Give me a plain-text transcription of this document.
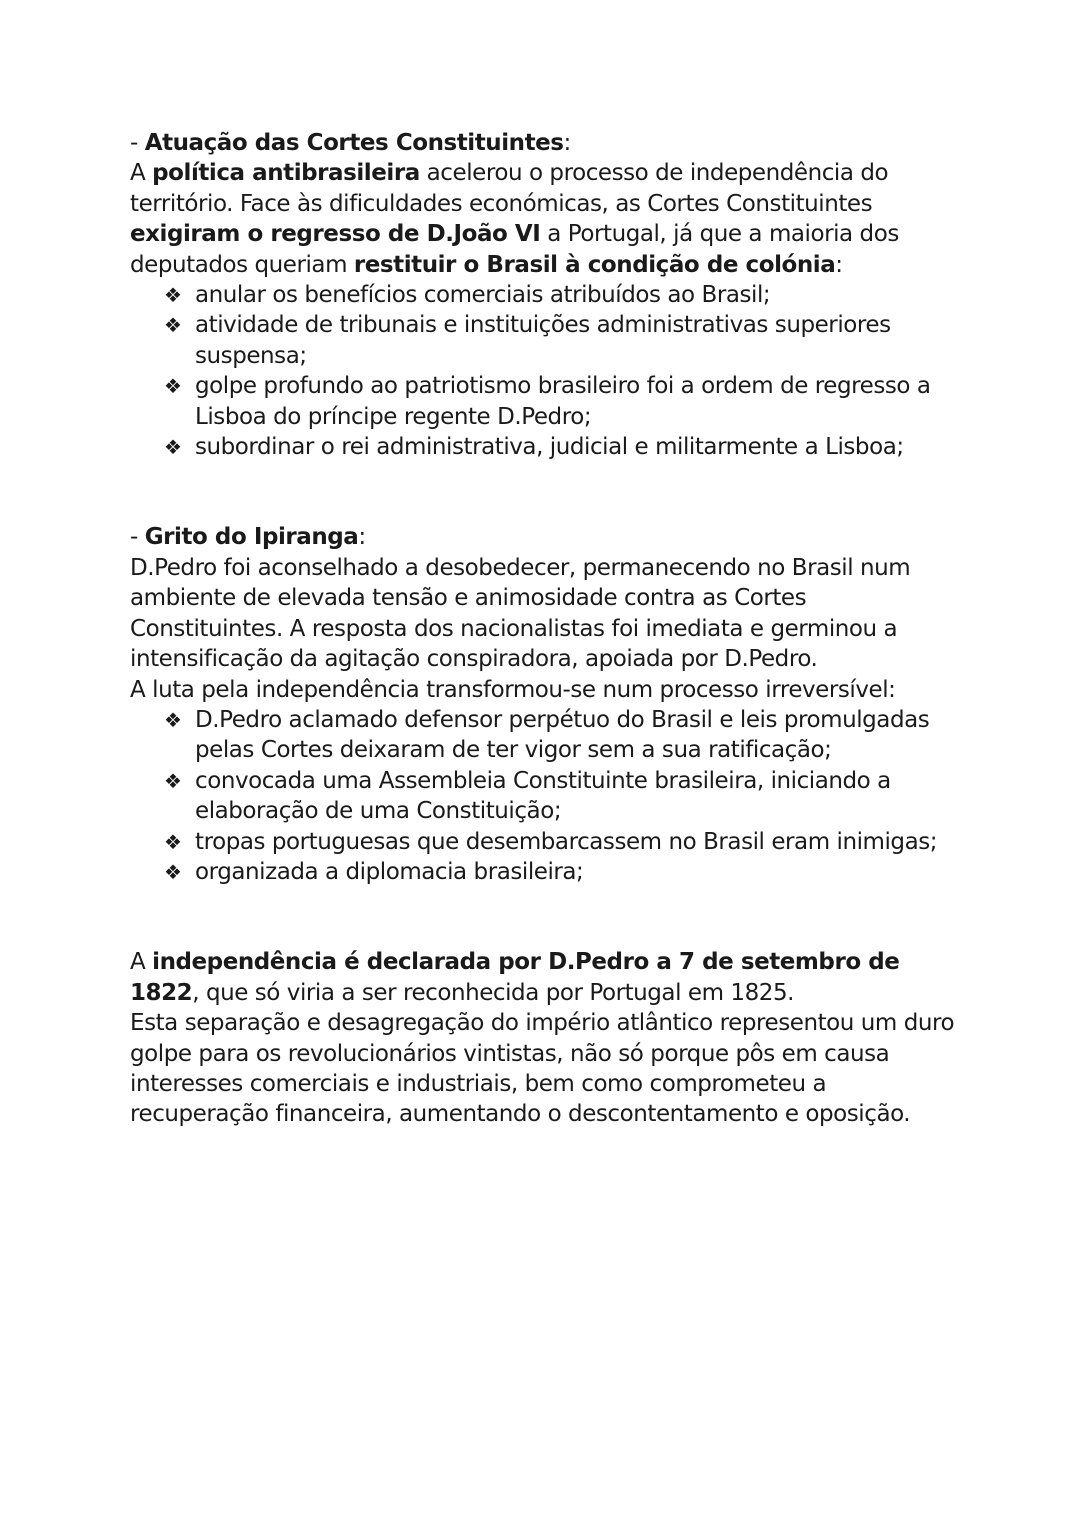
- Atuação das Cortes Constituintes:

A política antibrasileira acelerou o processo de independência do território. Face às dificuldades económicas, as Cortes Constituintes exigiram o regresso de D.João VI a Portugal, já que a maioria dos deputados queriam restituir o Brasil à condição de colónia:

❖ anular os benefícios comerciais atribuídos ao Brasil;
❖ atividade de tribunais e instituições administrativas superiores suspensa;
❖ golpe profundo ao patriotismo brasileiro foi a ordem de regresso a Lisboa do príncipe regente D.Pedro;
❖ subordinar o rei administrativa, judicial e militarmente a Lisboa;

- Grito do Ipiranga:

D.Pedro foi aconselhado a desobedecer, permanecendo no Brasil num ambiente de elevada tensão e animosidade contra as Cortes Constituintes. A resposta dos nacionalistas foi imediata e germinou a intensificação da agitação conspiradora, apoiada por D.Pedro.

A luta pela independência transformou-se num processo irreversível:

❖ D.Pedro aclamado defensor perpétuo do Brasil e leis promulgadas pelas Cortes deixaram de ter vigor sem a sua ratificação;
❖ convocada uma Assembleia Constituinte brasileira, iniciando a elaboração de uma Constituição;
❖ tropas portuguesas que desembarcassem no Brasil eram inimigas;
❖ organizada a diplomacia brasileira;

A independência é declarada por D.Pedro a 7 de setembro de 1822, que só viria a ser reconhecida por Portugal em 1825.

Esta separação e desagregação do império atlântico representou um duro golpe para os revolucionários vintistas, não só porque pôs em causa interesses comerciais e industriais, bem como comprometeu a recuperação financeira, aumentando o descontentamento e oposição.
